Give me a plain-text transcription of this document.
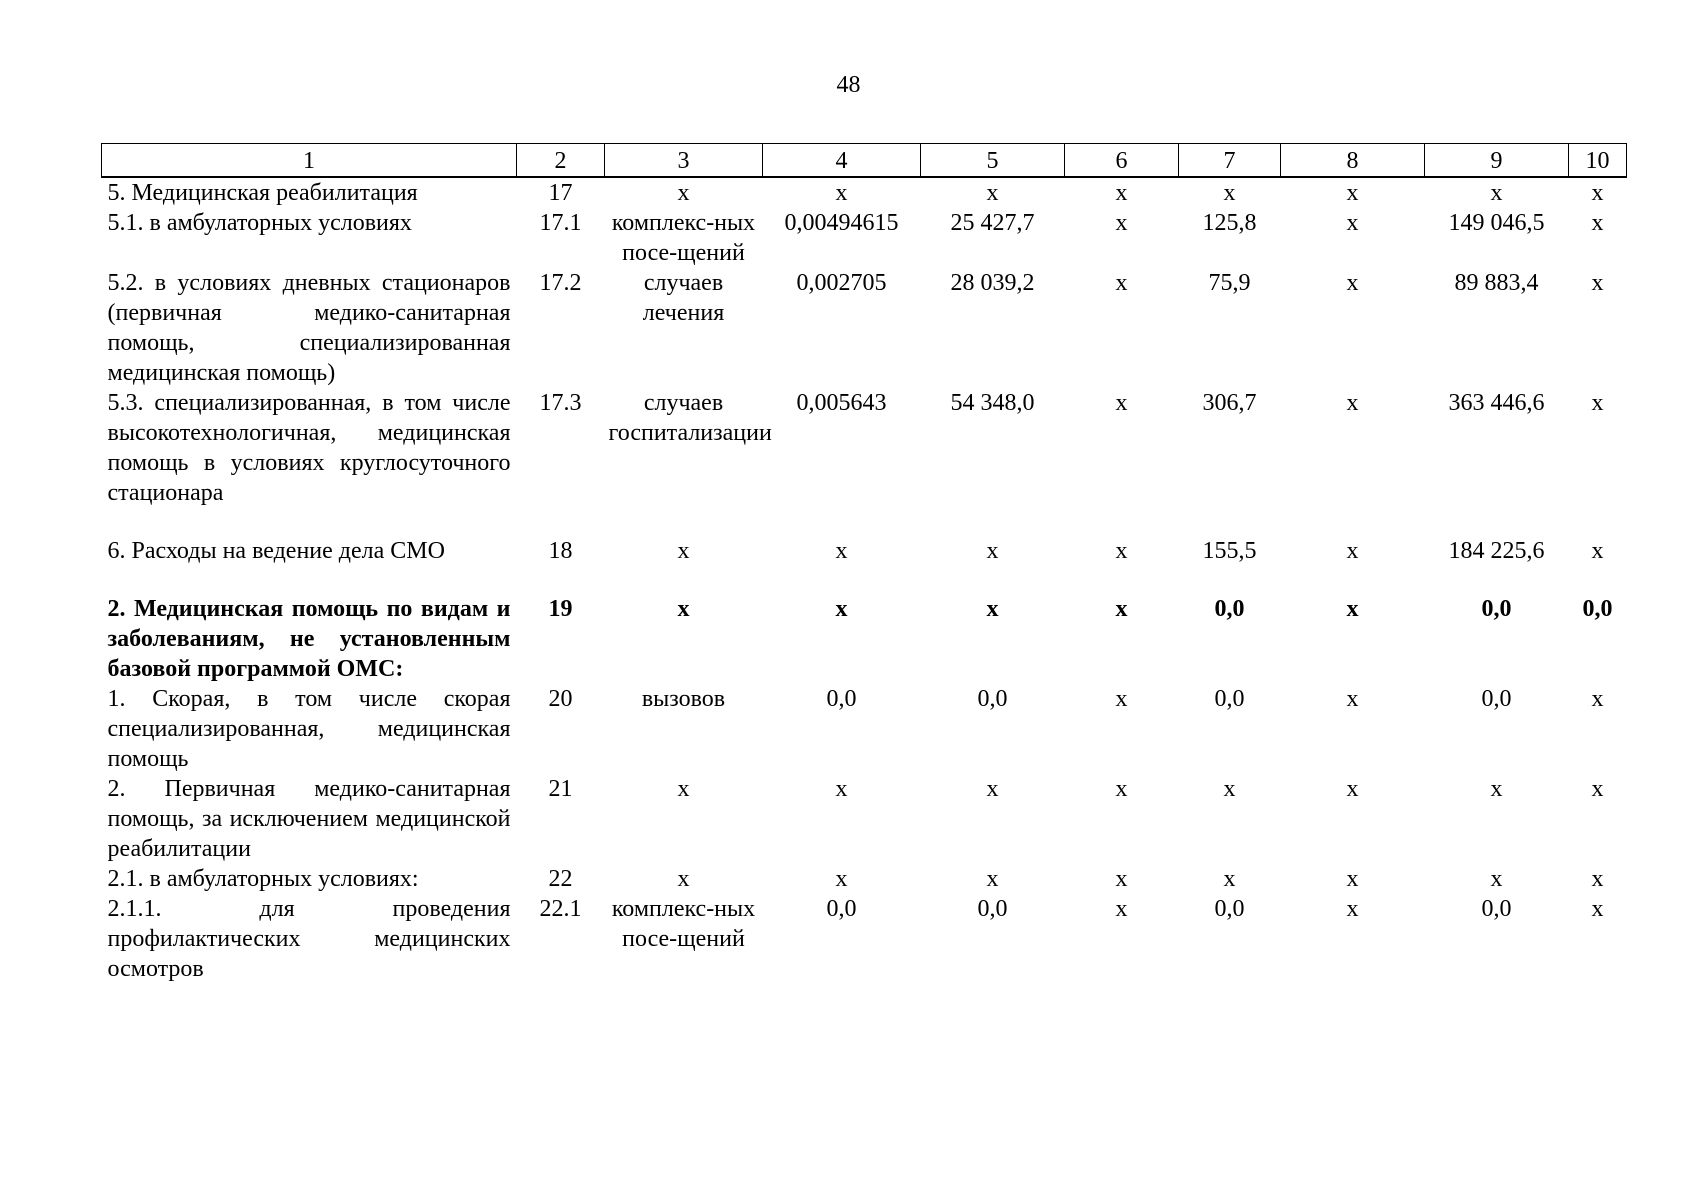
48
1	2	3	4	5	6	7	8	9	10
5. Медицинская реабилитация	17	х	х	х	х	х	х	х	х
5.1. в амбулаторных условиях	17.1	комплекс-ных посе-щений	0,00494615	25 427,7	х	125,8	х	149 046,5	х
5.2. в условиях дневных стационаров (первичная медико-санитарная помощь, специализированная медицинская помощь)	17.2	случаев лечения	0,002705	28 039,2	х	75,9	х	89 883,4	х
5.3. специализированная, в том числе высокотехнологичная, медицинская помощь в условиях круглосуточного стационара	17.3	случаев госпитализации	0,005643	54 348,0	х	306,7	х	363 446,6	х

6. Расходы на ведение дела СМО	18	х	х	х	х	155,5	х	184 225,6	х

2. Медицинская помощь по видам и заболеваниям, не установленным базовой программой ОМС:	19	х	х	х	х	0,0	х	0,0	0,0
1. Скорая, в том числе скорая специализированная, медицинская помощь	20	вызовов	0,0	0,0	х	0,0	х	0,0	х
2. Первичная медико-санитарная помощь, за исключением медицинской реабилитации	21	х	х	х	х	х	х	х	х
2.1. в амбулаторных условиях:	22	х	х	х	х	х	х	х	х
2.1.1. для проведения профилактических медицинских осмотров	22.1	комплекс-ных посе-щений	0,0	0,0	х	0,0	х	0,0	х
